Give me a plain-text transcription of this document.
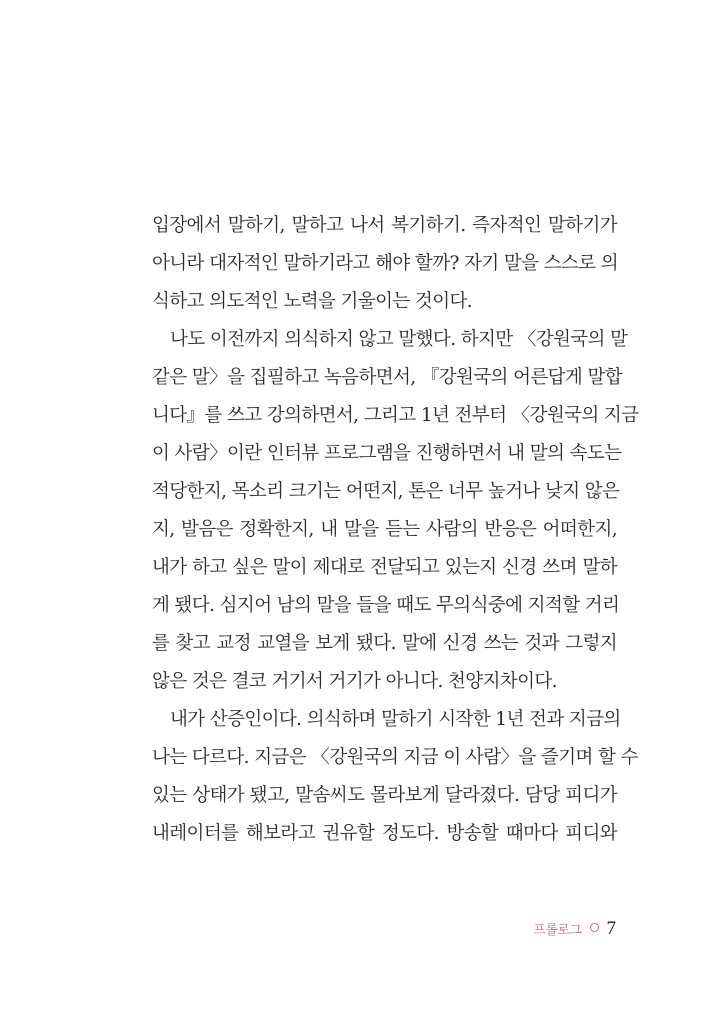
입장에서 말하기, 말하고 나서 복기하기. 즉자적인 말하기가
아니라 대자적인 말하기라고 해야 할까? 자기 말을 스스로 의
식하고 의도적인 노력을 기울이는 것이다.
나도 이전까지 의식하지 않고 말했다. 하지만 〈강원국의 말
같은 말〉을 집필하고 녹음하면서, 『강원국의 어른답게 말합
니다』를 쓰고 강의하면서, 그리고 1년 전부터 〈강원국의 지금
이 사람〉이란 인터뷰 프로그램을 진행하면서 내 말의 속도는
적당한지, 목소리 크기는 어떤지, 톤은 너무 높거나 낮지 않은
지, 발음은 정확한지, 내 말을 듣는 사람의 반응은 어떠한지,
내가 하고 싶은 말이 제대로 전달되고 있는지 신경 쓰며 말하
게 됐다. 심지어 남의 말을 들을 때도 무의식중에 지적할 거리
를 찾고 교정 교열을 보게 됐다. 말에 신경 쓰는 것과 그렇지
않은 것은 결코 거기서 거기가 아니다. 천양지차이다.
내가 산증인이다. 의식하며 말하기 시작한 1년 전과 지금의
나는 다르다. 지금은 〈강원국의 지금 이 사람〉을 즐기며 할 수
있는 상태가 됐고, 말솜씨도 몰라보게 달라졌다. 담당 피디가
내레이터를 해보라고 권유할 정도다. 방송할 때마다 피디와
프롤로그 7
